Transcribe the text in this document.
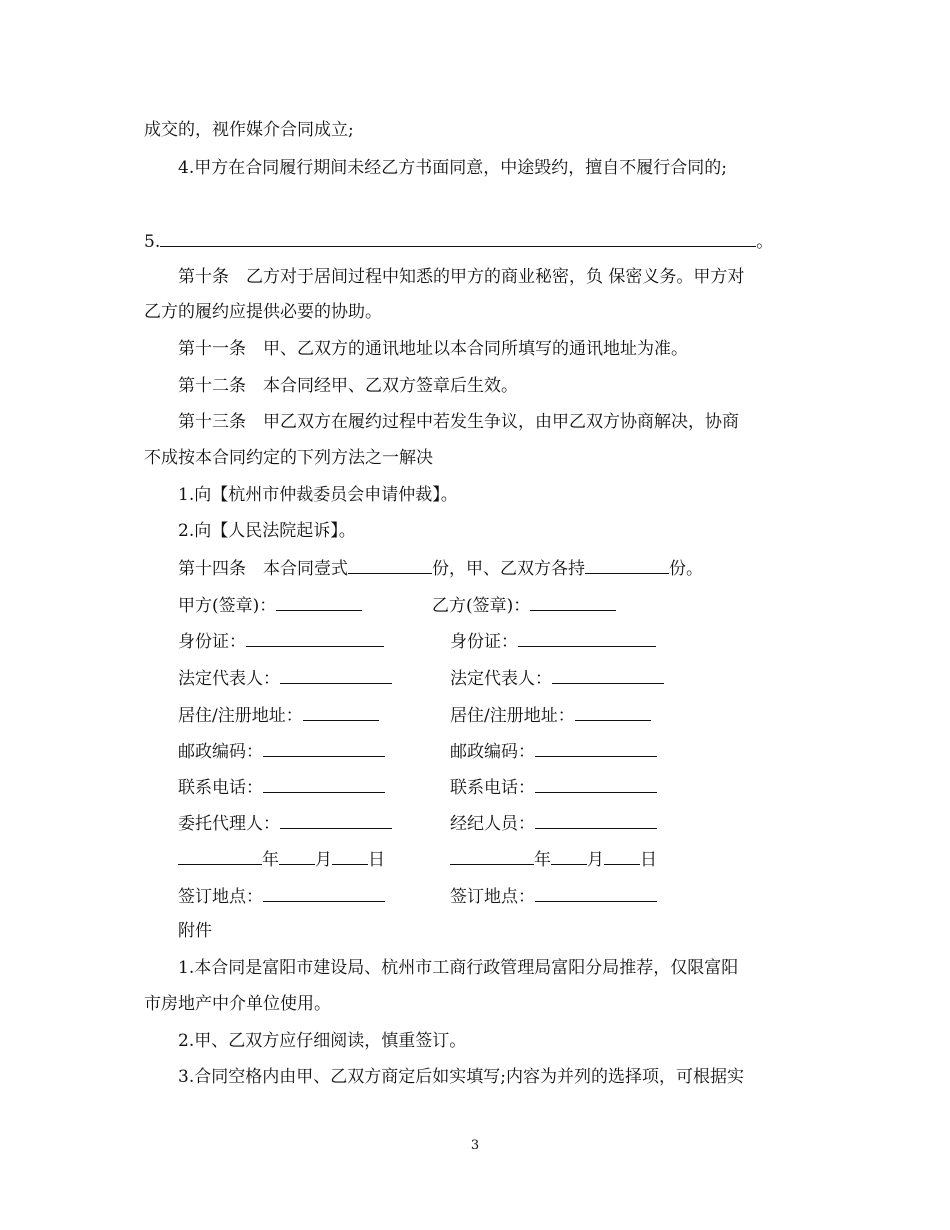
成交的，视作媒介合同成立;
4.甲方在合同履行期间未经乙方书面同意，中途毁约，擅自不履行合同的;
5.	。
第十条　乙方对于居间过程中知悉的甲方的商业秘密，负 保密义务。甲方对
乙方的履约应提供必要的协助。
第十一条　甲、乙双方的通讯地址以本合同所填写的通讯地址为准。
第十二条　本合同经甲、乙双方签章后生效。
第十三条　甲乙双方在履约过程中若发生争议，由甲乙双方协商解决，协商
不成按本合同约定的下列方法之一解决
1.向【杭州市仲裁委员会申请仲裁】。
2.向【人民法院起诉】。
第十四条　本合同壹式	份，甲、乙双方各持	份。
甲方(签章)：	乙方(签章)：
身份证：	身份证：
法定代表人：	法定代表人：
居住/注册地址：	居住/注册地址：
邮政编码：	邮政编码：
联系电话：	联系电话：
委托代理人：	经纪人员：
年 月 日	年 月 日
签订地点：	签订地点：
附件
1.本合同是富阳市建设局、杭州市工商行政管理局富阳分局推荐，仅限富阳
市房地产中介单位使用。
2.甲、乙双方应仔细阅读，慎重签订。
3.合同空格内由甲、乙双方商定后如实填写;内容为并列的选择项，可根据实
3
